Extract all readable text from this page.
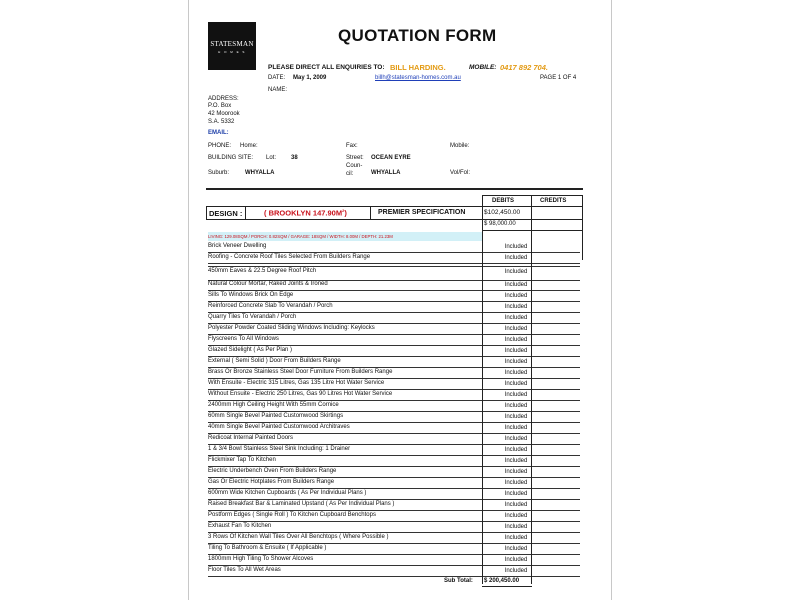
STATESMAN
H O M E S
QUOTATION FORM
PLEASE DIRECT ALL ENQUIRIES TO: BILL HARDING.	MOBILE: 0417 892 704.
DATE: May 1, 2009	billh@statesman-homes.com.au	PAGE 1 OF 4
NAME:
ADDRESS:
P.O. Box
42 Moorook
S.A. 5332
EMAIL:
PHONE: Home:	Fax:	Mobile:
BUILDING SITE: Lot: 38	Street: OCEAN EYRE
Coun-
cil:	WHYALLA
Suburb:	WHYALLA	Vol/Fol:
DEBITS	CREDITS
DESIGN :	( BROOKLYN $147.90M^2$)	PREMIER SPECIFICATION	$102,450.00
$ 98,000.00
LIVING: 129.08SQM / PORCH: 0.82SQM / GARAGE: 18SQM / WIDTH: 8.00M / DEPTH: 21.23M
Brick Veneer Dwelling	Included
Roofing - Concrete Roof Tiles Selected From Builders Range	Included
450mm Eaves & 22.5 Degree Roof Pitch	Included
Natural Colour Mortar, Raked Joints & Ironed	Included
Sills To Windows Brick On Edge	Included
Reinforced Concrete Slab To Verandah / Porch	Included
Quarry Tiles To Verandah / Porch	Included
Polyester Powder Coated Sliding Windows Including: Keylocks	Included
Flyscreens To All Windows	Included
Glazed Sidelight ( As Per Plan )	Included
External ( Semi Solid ) Door From Builders Range	Included
Brass Or Bronze Stainless Steel Door Furniture From Builders Range	Included
With Ensuite - Electric 315 Litres, Gas 135 Litre Hot Water Service	Included
Without Ensuite - Electric 250 Litres, Gas 90 Litres Hot Water Service	Included
2400mm High Ceiling Height With 55mm Cornice	Included
60mm Single Bevel Painted Customwood Skirtings	Included
40mm Single Bevel Painted Customwood Architraves	Included
Redicoat Internal Painted Doors	Included
1 & 3/4 Bowl Stainless Steel Sink Including: 1 Drainer	Included
Flickmixer Tap To Kitchen	Included
Electric Underbench Oven From Builders Range	Included
Gas Or Electric Hotplates From Builders Range	Included
600mm Wide Kitchen Cupboards ( As Per Individual Plans )	Included
Raised Breakfast Bar & Laminated Upstand ( As Per Individual Plans )	Included
Postform Edges ( Single Roll ) To Kitchen Cupboard Benchtops	Included
Exhaust Fan To Kitchen	Included
3 Rows Of Kitchen Wall Tiles Over All Benchtops ( Where Possible )	Included
Tiling To Bathroom & Ensuite ( If Applicable )	Included
1800mm High Tiling To Shower Alcoves	Included
Floor Tiles To All Wet Areas	Included
Sub Total: $ 200,450.00
